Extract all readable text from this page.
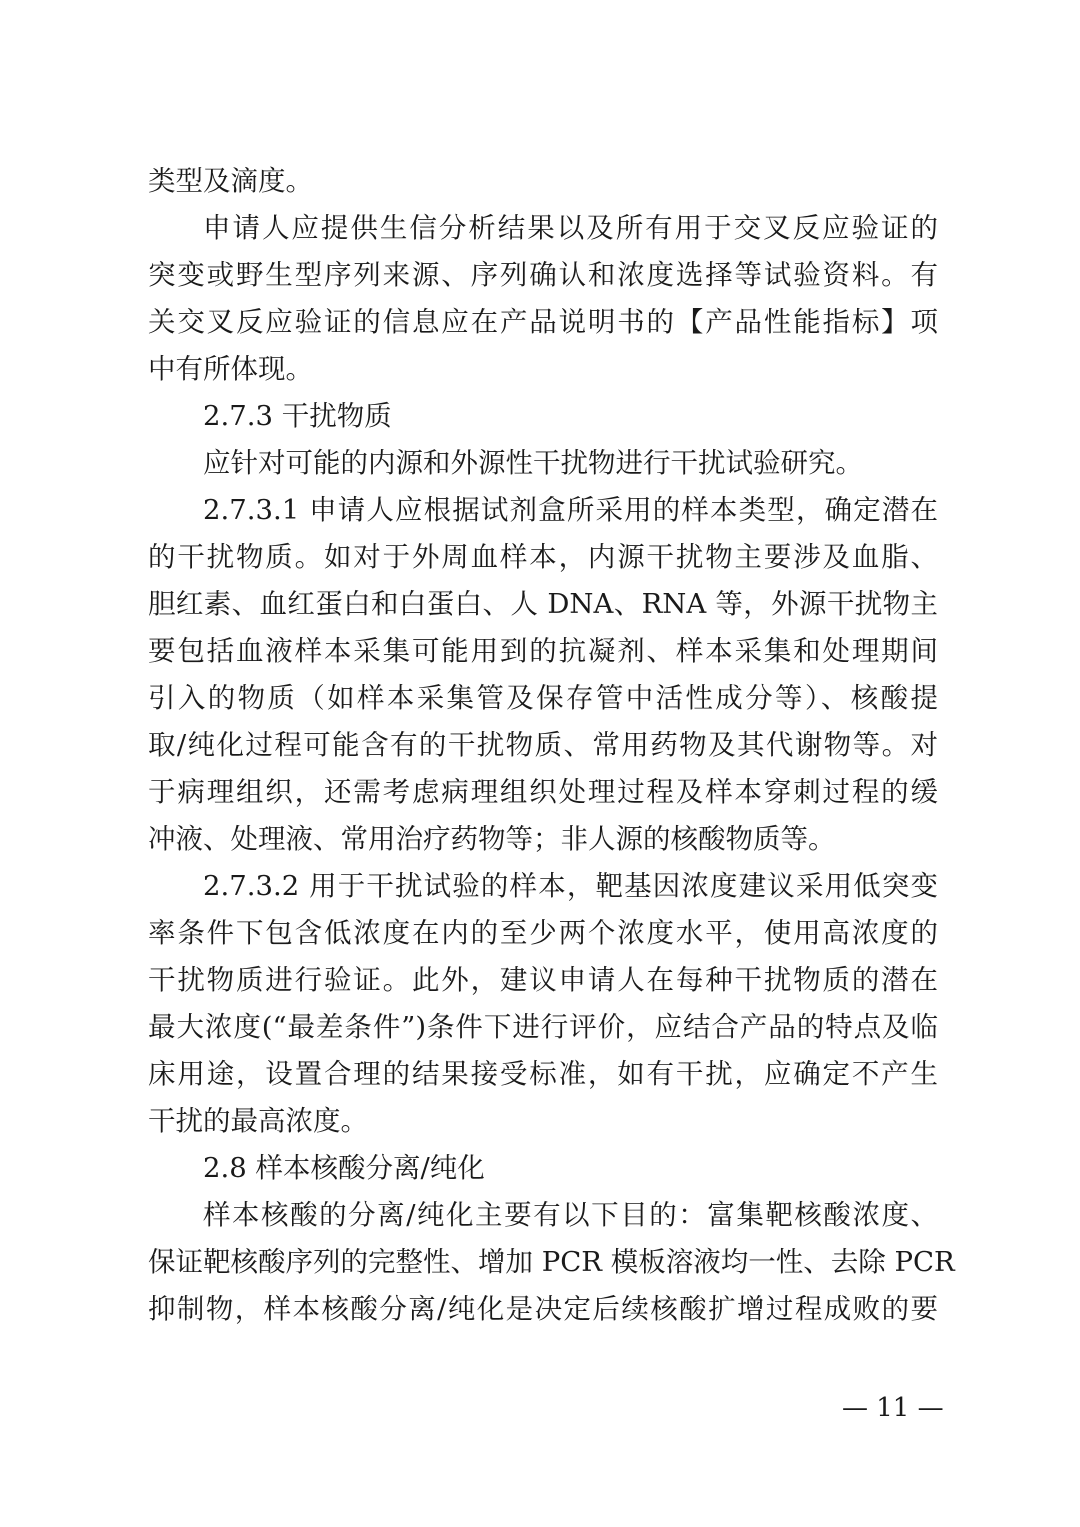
类型及滴度。
申请人应提供生信分析结果以及所有用于交叉反应验证的
突变或野生型序列来源、序列确认和浓度选择等试验资料。有
关交叉反应验证的信息应在产品说明书的【产品性能指标】项
中有所体现。
2.7.3 干扰物质
应针对可能的内源和外源性干扰物进行干扰试验研究。
2.7.3.1 申请人应根据试剂盒所采用的样本类型，确定潜在
的干扰物质。如对于外周血样本，内源干扰物主要涉及血脂、
胆红素、血红蛋白和白蛋白、人 DNA、RNA 等，外源干扰物主
要包括血液样本采集可能用到的抗凝剂、样本采集和处理期间
引入的物质（如样本采集管及保存管中活性成分等）、核酸提
取/纯化过程可能含有的干扰物质、常用药物及其代谢物等。对
于病理组织，还需考虑病理组织处理过程及样本穿刺过程的缓
冲液、处理液、常用治疗药物等；非人源的核酸物质等。
2.7.3.2 用于干扰试验的样本，靶基因浓度建议采用低突变
率条件下包含低浓度在内的至少两个浓度水平，使用高浓度的
干扰物质进行验证。此外，建议申请人在每种干扰物质的潜在
最大浓度(“最差条件”)条件下进行评价，应结合产品的特点及临
床用途，设置合理的结果接受标准，如有干扰，应确定不产生
干扰的最高浓度。
2.8 样本核酸分离/纯化
样本核酸的分离/纯化主要有以下目的：富集靶核酸浓度、
保证靶核酸序列的完整性、增加 PCR 模板溶液均一性、去除 PCR
抑制物，样本核酸分离/纯化是决定后续核酸扩增过程成败的要
— 11 —
